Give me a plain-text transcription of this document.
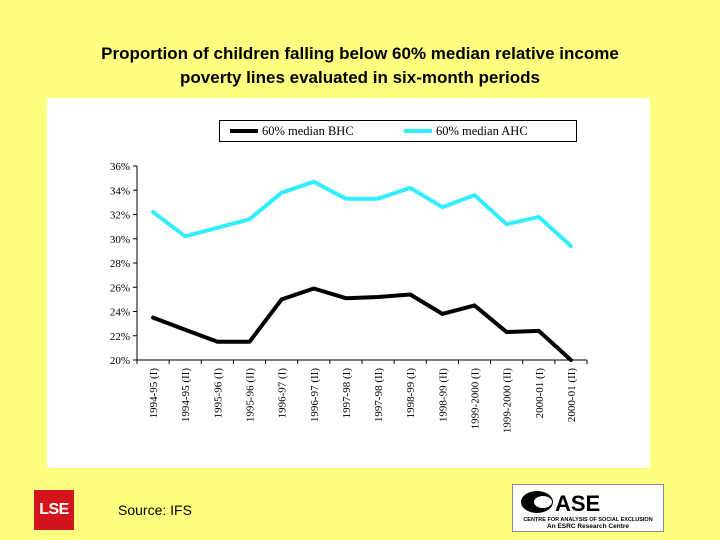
Proportion of children falling below 60% median relative income
poverty lines evaluated in six-month periods
20%
22%
24%
26%
28%
30%
32%
34%
36%
1994-95 (I) 1994-95 (II) 1995-96 (I) 1995-96 (II) 1996-97 (I) 1996-97 (II) 1997-98 (I) 1997-98 (II) 1998-99 (I) 1998-99 (II) 1999-2000 (I) 1999-2000 (II) 2000-01 (I) 2000-01 (II)
60% median BHC	60% median AHC
LSE	Source: IFS	ASE
CENTRE FOR ANALYSIS OF SOCIAL EXCLUSION
An ESRC Research Centre
